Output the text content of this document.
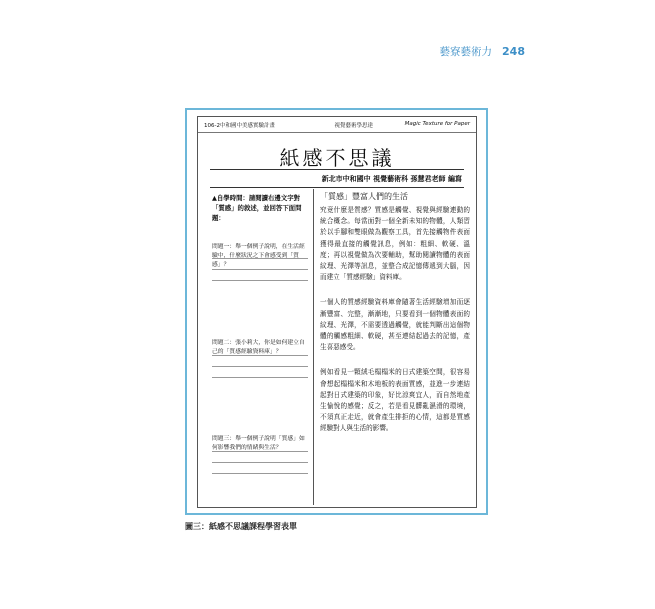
藝寮藝術力 248
106-2中和國中美感實驗計畫	視覺藝術學思達	Magic Texture for Paper
紙感不思議
新北市中和國中 視覺藝術科 孫慧君老師 編寫
▲自學時間：請閱讀右邊文字對「質感」的敘述，並回答下面問題：
問題一：舉一個例子說明，在生活經驗中，什麼狀況之下會感受到「質感」？
問題二：張小莉大，你是如何建立自己的「質感經驗資料庫」？
問題三：舉一個例子說明「質感」如何影響我們的情緒與生活？
「質感」豐富人們的生活

究竟什麼是質感？質感是觸覺、視覺與經驗連動的統合概念。每當面對一個全新未知的物體，人類習於以手腳和雙眼做為觀察工具，首先接觸物件表面獲得最直接的觸覺訊息，例如：粗細、軟硬、溫度；再以視覺做為次要輔助，幫助閱讀物體的表面紋理、光澤等訊息，並整合成記憶傳遞到大腦，因而建立「質感經驗」資料庫。

一個人的質感經驗資料庫會隨著生活經驗增加而逐漸豐富、完整，漸漸地，只要看到一個物體表面的紋理、光澤，不需要透過觸覺，就能判斷出這個物體的觸感粗細、軟硬，甚至連結起過去的記憶，產生喜惡感受。

例如看見一顆絨毛榻榻米的日式建築空間，很容易會想起榻榻米和木地板的表面質感，並進一步連結起對日式建築的印象，好比涼爽宜人，而自然地產生愉悅的感覺；反之，若是看見髒亂濕滑的環境，不須真正走近，就會產生排拒的心情，這都是質感經驗對人與生活的影響。

圖三：紙感不思議課程學習表單
